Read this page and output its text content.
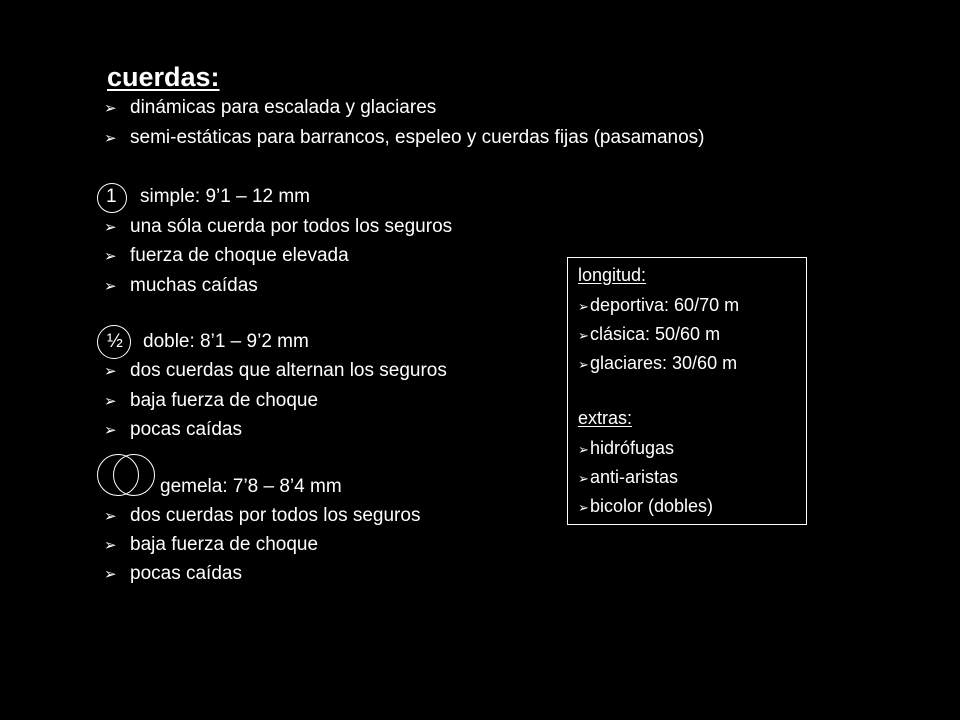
cuerdas:
➢ dinámicas para escalada y glaciares
➢ semi-estáticas para barrancos, espeleo y cuerdas fijas (pasamanos)
1 simple: 9’1 – 12 mm
➢ una sóla cuerda por todos los seguros
➢ fuerza de choque elevada
➢ muchas caídas
½ doble: 8’1 – 9’2 mm
➢ dos cuerdas que alternan los seguros
➢ baja fuerza de choque
➢ pocas caídas
gemela: 7’8 – 8’4 mm
➢ dos cuerdas por todos los seguros
➢ baja fuerza de choque
➢ pocas caídas
longitud:
➢deportiva: 60/70 m
➢clásica: 50/60 m
➢glaciares: 30/60 m
extras:
➢hidrófugas
➢anti-aristas
➢bicolor (dobles)
